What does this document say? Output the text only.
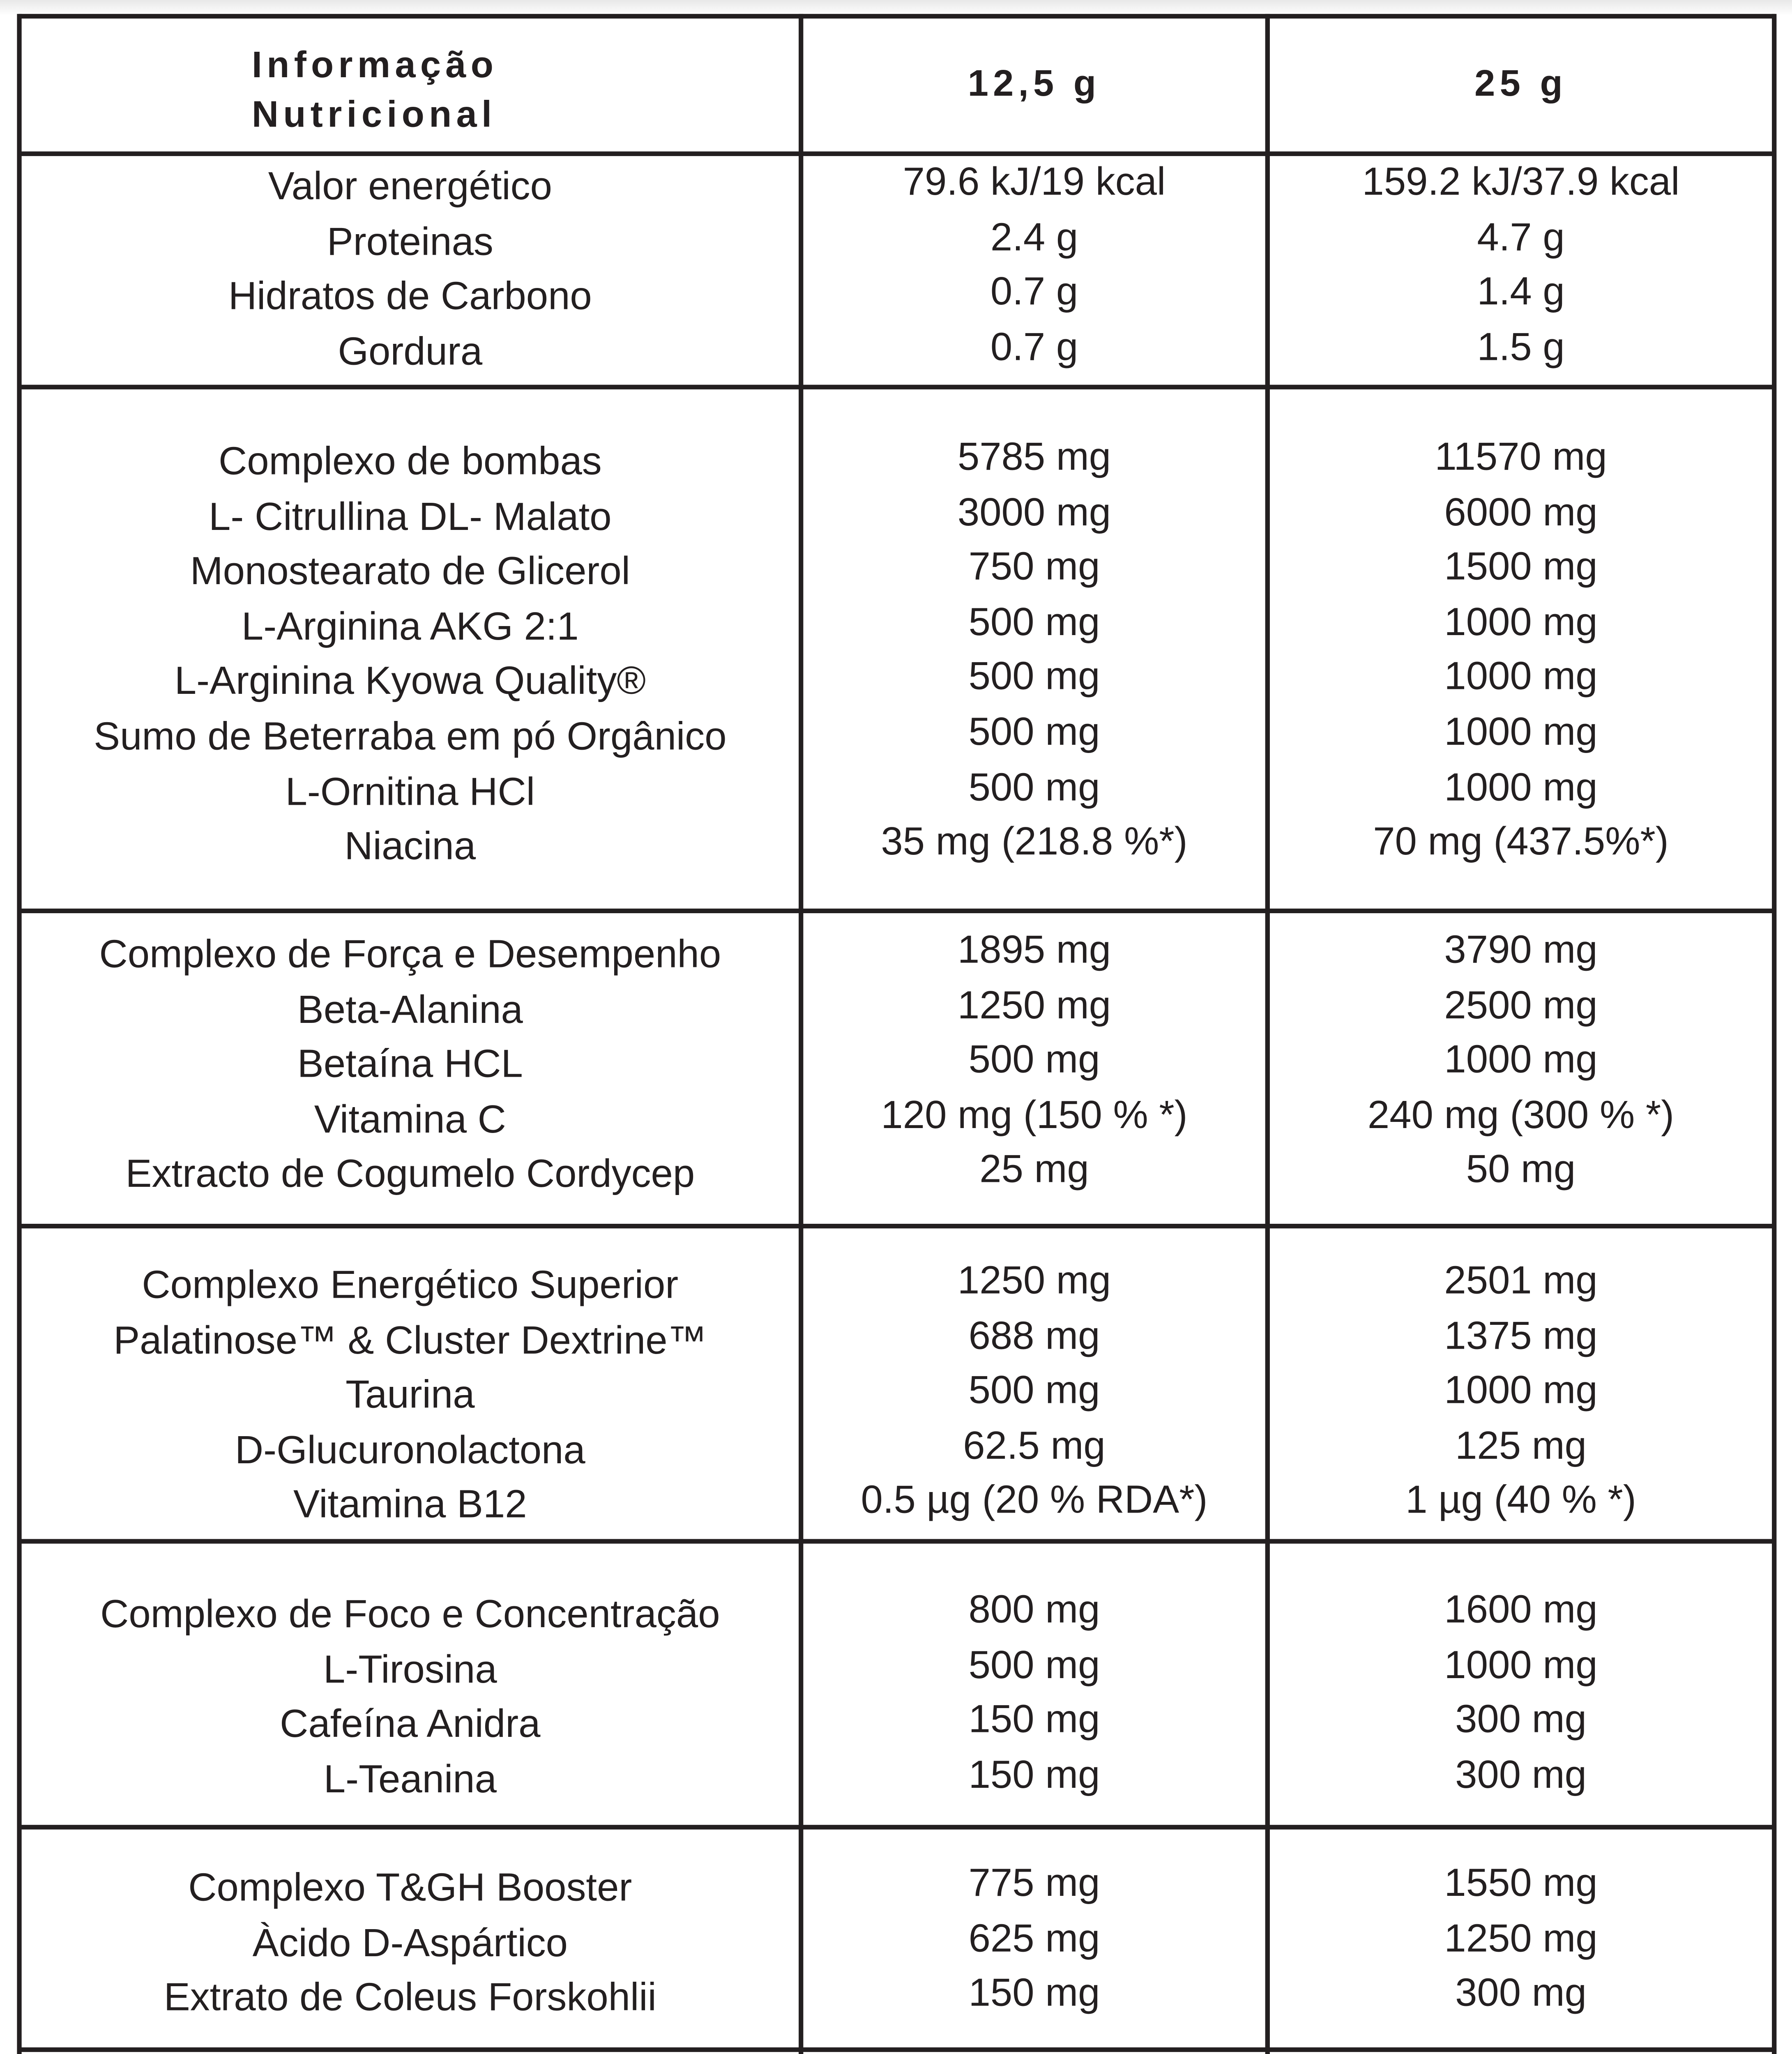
Informação
Nutricional
12,5 g	25 g
Valor energético
Proteinas
Hidratos de Carbono
Gordura
79.6 kJ/19 kcal
2.4 g
0.7 g
0.7 g
159.2 kJ/37.9 kcal
4.7 g
1.4 g
1.5 g
Complexo de bombas
L- Citrullina DL- Malato
Monostearato de Glicerol
L-Arginina AKG 2:1
L-Arginina Kyowa Quality®
Sumo de Beterraba em pó Orgânico
L-Ornitina HCl
Niacina
5785 mg
3000 mg
750 mg
500 mg
500 mg
500 mg
500 mg
35 mg (218.8 %*)
11570 mg
6000 mg
1500 mg
1000 mg
1000 mg
1000 mg
1000 mg
70 mg (437.5%*)
Complexo de Força e Desempenho
Beta-Alanina
Betaína HCL
Vitamina C
Extracto de Cogumelo Cordycep
1895 mg
1250 mg
500 mg
120 mg (150 % *)
25 mg
3790 mg
2500 mg
1000 mg
240 mg (300 % *)
50 mg
Complexo Energético Superior
Palatinose™ & Cluster Dextrine™
Taurina
D-Glucuronolactona
Vitamina B12
1250 mg
688 mg
500 mg
62.5 mg
0.5 µg (20 % RDA*)
2501 mg
1375 mg
1000 mg
125 mg
1 µg (40 % *)
Complexo de Foco e Concentração
L-Tirosina
Cafeína Anidra
L-Teanina
800 mg
500 mg
150 mg
150 mg
1600 mg
1000 mg
300 mg
300 mg
Complexo T&GH Booster
Àcido D-Aspártico
Extrato de Coleus Forskohlii
775 mg
625 mg
150 mg
1550 mg
1250 mg
300 mg
